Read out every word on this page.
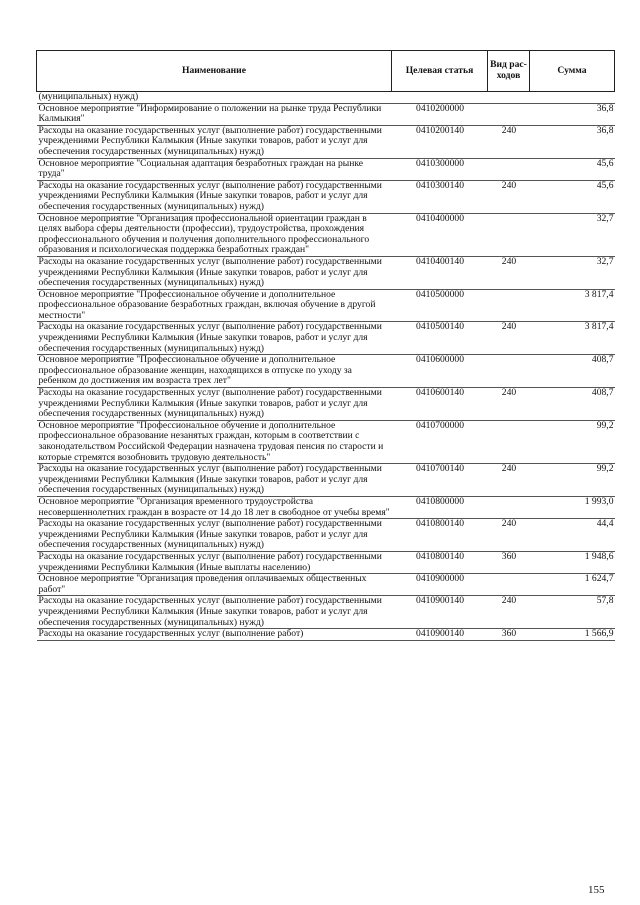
Наименование	Целевая статья	Вид рас-ходов	Сумма
(муниципальных) нужд)			
Основное мероприятие "Информирование о положении на рынке труда Республики Калмыкия"	0410200000		36,8
Расходы на оказание государственных услуг (выполнение работ) государственными учреждениями Республики Калмыкия (Иные закупки товаров, работ и услуг для обеспечения государственных (муниципальных) нужд)	0410200140	240	36,8
Основное мероприятие "Социальная адаптация безработных граждан на рынке труда"	0410300000		45,6
Расходы на оказание государственных услуг (выполнение работ) государственными учреждениями Республики Калмыкия (Иные закупки товаров, работ и услуг для обеспечения государственных (муниципальных) нужд)	0410300140	240	45,6
Основное мероприятие "Организация профессиональной ориентации граждан в целях выбора сферы деятельности (профессии), трудоустройства, прохождения профессионального обучения и получения дополнительного профессионального образования и психологическая поддержка безработных граждан"	0410400000		32,7
Расходы на оказание государственных услуг (выполнение работ) государственными учреждениями Республики Калмыкия (Иные закупки товаров, работ и услуг для обеспечения государственных (муниципальных) нужд)	0410400140	240	32,7
Основное мероприятие "Профессиональное обучение и дополнительное профессиональное образование безработных граждан, включая обучение в другой местности"	0410500000		3 817,4
Расходы на оказание государственных услуг (выполнение работ) государственными учреждениями Республики Калмыкия (Иные закупки товаров, работ и услуг для обеспечения государственных (муниципальных) нужд)	0410500140	240	3 817,4
Основное мероприятие "Профессиональное обучение и дополнительное профессиональное образование женщин, находящихся в отпуске по уходу за ребенком до достижения им возраста трех лет"	0410600000		408,7
Расходы на оказание государственных услуг (выполнение работ) государственными учреждениями Республики Калмыкия (Иные закупки товаров, работ и услуг для обеспечения государственных (муниципальных) нужд)	0410600140	240	408,7
Основное мероприятие "Профессиональное обучение и дополнительное профессиональное образование незанятых граждан, которым в соответствии с законодательством Российской Федерации назначена трудовая пенсия по старости и которые стремятся возобновить трудовую деятельность"	0410700000		99,2
Расходы на оказание государственных услуг (выполнение работ) государственными учреждениями Республики Калмыкия (Иные закупки товаров, работ и услуг для обеспечения государственных (муниципальных) нужд)	0410700140	240	99,2
Основное мероприятие "Организация временного трудоустройства несовершеннолетних граждан в возрасте от 14 до 18 лет в свободное от учебы время"	0410800000		1 993,0
Расходы на оказание государственных услуг (выполнение работ) государственными учреждениями Республики Калмыкия (Иные закупки товаров, работ и услуг для обеспечения государственных (муниципальных) нужд)	0410800140	240	44,4
Расходы на оказание государственных услуг (выполнение работ) государственными учреждениями Республики Калмыкия (Иные выплаты населению)	0410800140	360	1 948,6
Основное мероприятие "Организация проведения оплачиваемых общественных работ"	0410900000		1 624,7
Расходы на оказание государственных услуг (выполнение работ) государственными учреждениями Республики Калмыкия (Иные закупки товаров, работ и услуг для обеспечения государственных (муниципальных) нужд)	0410900140	240	57,8
Расходы на оказание государственных услуг (выполнение работ)	0410900140	360	1 566,9
155
